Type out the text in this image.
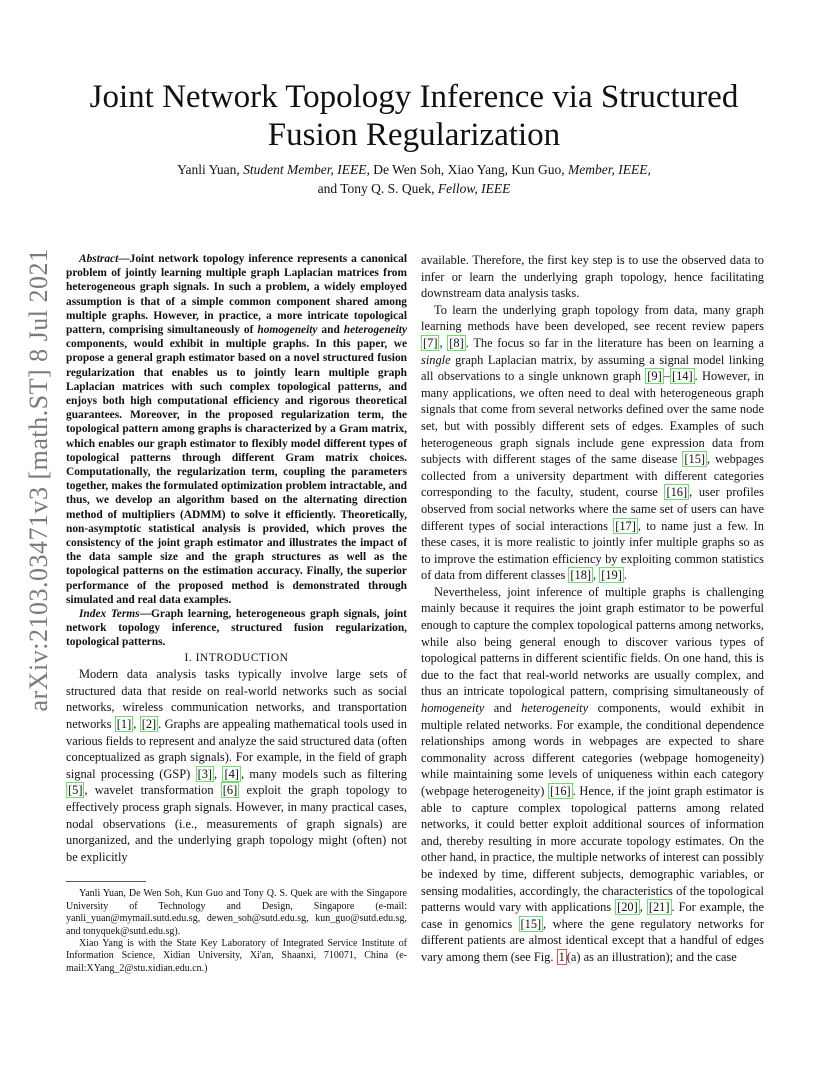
arXiv:2103.03471v3 [math.ST] 8 Jul 2021
Joint Network Topology Inference via Structured Fusion Regularization
Yanli Yuan, Student Member, IEEE, De Wen Soh, Xiao Yang, Kun Guo, Member, IEEE,
and Tony Q. S. Quek, Fellow, IEEE

Abstract—Joint network topology inference represents a canonical problem of jointly learning multiple graph Laplacian matrices from heterogeneous graph signals. In such a problem, a widely employed assumption is that of a simple common component shared among multiple graphs. However, in practice, a more intricate topological pattern, comprising simultaneously of homogeneity and heterogeneity components, would exhibit in multiple graphs. In this paper, we propose a general graph estimator based on a novel structured fusion regularization that enables us to jointly learn multiple graph Laplacian matrices with such complex topological patterns, and enjoys both high computational efficiency and rigorous theoretical guarantees. Moreover, in the proposed regularization term, the topological pattern among graphs is characterized by a Gram matrix, which enables our graph estimator to flexibly model different types of topological patterns through different Gram matrix choices. Computationally, the regularization term, coupling the parameters together, makes the formulated optimization problem intractable, and thus, we develop an algorithm based on the alternating direction method of multipliers (ADMM) to solve it efficiently. Theoretically, non-asymptotic statistical analysis is provided, which proves the consistency of the joint graph estimator and illustrates the impact of the data sample size and the graph structures as well as the topological patterns on the estimation accuracy. Finally, the superior performance of the proposed method is demonstrated through simulated and real data examples.

Index Terms—Graph learning, heterogeneous graph signals, joint network topology inference, structured fusion regularization, topological patterns.

I. INTRODUCTION

Modern data analysis tasks typically involve large sets of structured data that reside on real-world networks such as social networks, wireless communication networks, and transportation networks [1] , [2] . Graphs are appealing mathematical tools used in various fields to represent and analyze the said structured data (often conceptualized as graph signals). For example, in the field of graph signal processing (GSP) [3] , [4] , many models such as filtering [5] , wavelet transformation [6] exploit the graph topology to effectively process graph signals. However, in many practical cases, nodal observations (i.e., measurements of graph signals) are unorganized, and the underlying graph topology might (often) not be explicitly

Yanli Yuan, De Wen Soh, Kun Guo and Tony Q. S. Quek are with the Singapore University of Technology and Design, Singapore (e-mail: yanli_yuan@mymail.sutd.edu.sg, dewen_soh@sutd.edu.sg, kun_guo@sutd.edu.sg, and tonyquek@sutd.edu.sg).

Xiao Yang is with the State Key Laboratory of Integrated Service Institute of Information Science, Xidian University, Xi'an, Shaanxi, 710071, China (e-mail:XYang_2@stu.xidian.edu.cn.)

available. Therefore, the first key step is to use the observed data to infer or learn the underlying graph topology, hence facilitating downstream data analysis tasks.

To learn the underlying graph topology from data, many graph learning methods have been developed, see recent review papers [7] , [8] . The focus so far in the literature has been on learning a single graph Laplacian matrix, by assuming a signal model linking all observations to a single unknown graph [9] – [14] . However, in many applications, we often need to deal with heterogeneous graph signals that come from several networks defined over the same node set, but with possibly different sets of edges. Examples of such heterogeneous graph signals include gene expression data from subjects with different stages of the same disease [15] , webpages collected from a university department with different categories corresponding to the faculty, student, course [16] , user profiles observed from social networks where the same set of users can have different types of social interactions [17] , to name just a few. In these cases, it is more realistic to jointly infer multiple graphs so as to improve the estimation efficiency by exploiting common statistics of data from different classes [18] , [19] .

Nevertheless, joint inference of multiple graphs is challenging mainly because it requires the joint graph estimator to be powerful enough to capture the complex topological patterns among networks, while also being general enough to discover various types of topological patterns in different scientific fields. On one hand, this is due to the fact that real-world networks are usually complex, and thus an intricate topological pattern, comprising simultaneously of homogeneity and heterogeneity components, would exhibit in multiple related networks. For example, the conditional dependence relationships among words in webpages are expected to share commonality across different categories (webpage homogeneity) while maintaining some levels of uniqueness within each category (webpage heterogeneity) [16] . Hence, if the joint graph estimator is able to capture complex topological patterns among related networks, it could better exploit additional sources of information and, thereby resulting in more accurate topology estimates. On the other hand, in practice, the multiple networks of interest can possibly be indexed by time, different subjects, demographic variables, or sensing modalities, accordingly, the characteristics of the topological patterns would vary with applications [20] , [21] . For example, the case in genomics [15] , where the gene regulatory networks for different patients are almost identical except that a handful of edges vary among them (see Fig. 1 (a) as an illustration); and the case
